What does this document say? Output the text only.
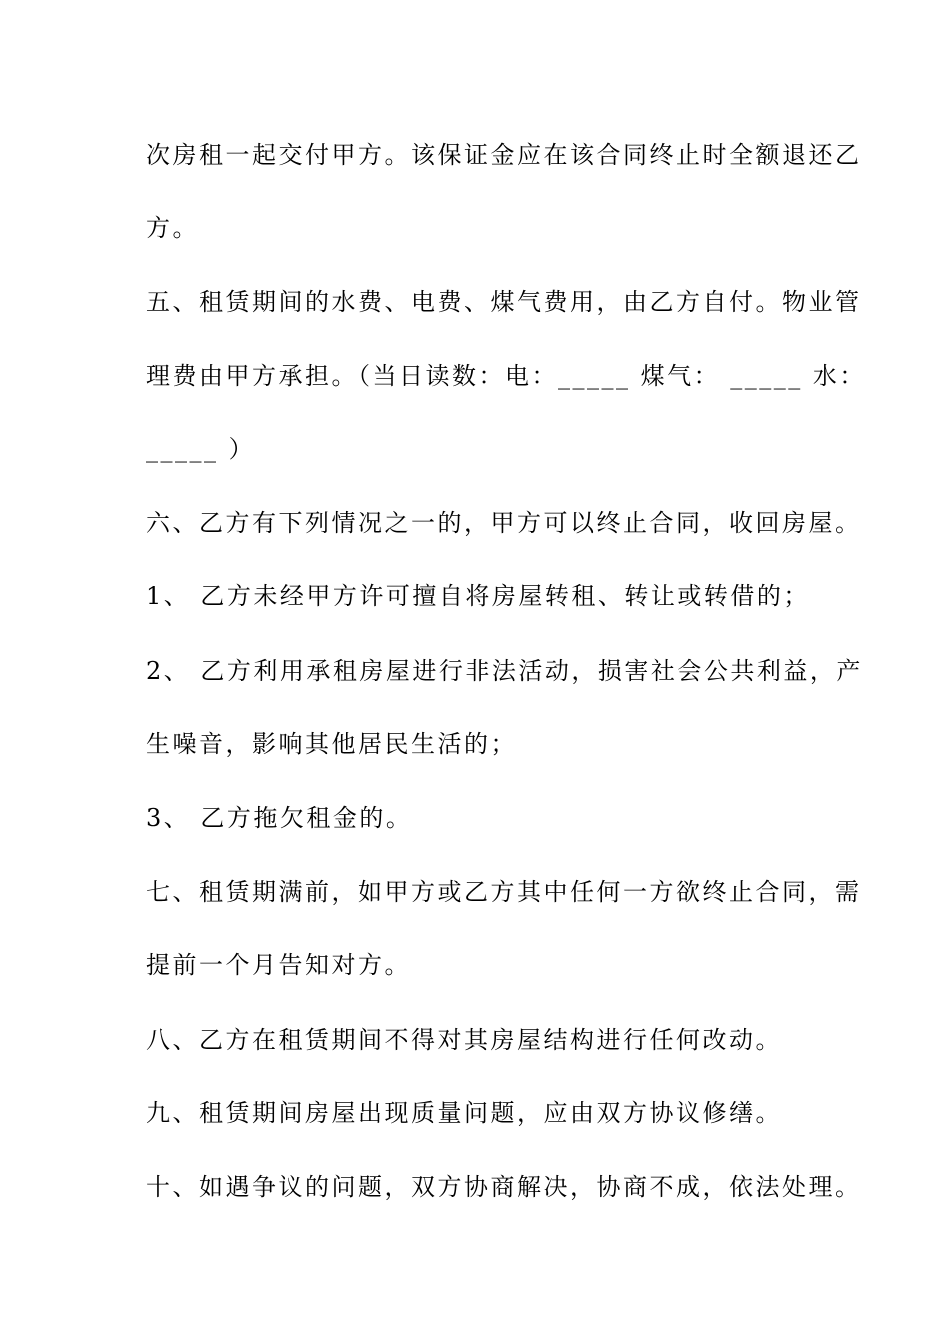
次房租一起交付甲方。该保证金应在该合同终止时全额退还乙
方。
五、租赁期间的水费、电费、煤气费用，由乙方自付。物业管
理费由甲方承担。（当日读数：电：_____ 煤气： _____ 水：
_____ ）
六、乙方有下列情况之一的，甲方可以终止合同，收回房屋。
1、 乙方未经甲方许可擅自将房屋转租、转让或转借的；
2、 乙方利用承租房屋进行非法活动，损害社会公共利益，产
生噪音，影响其他居民生活的；
3、 乙方拖欠租金的。
七、租赁期满前，如甲方或乙方其中任何一方欲终止合同，需
提前一个月告知对方。
八、乙方在租赁期间不得对其房屋结构进行任何改动。
九、租赁期间房屋出现质量问题，应由双方协议修缮。
十、如遇争议的问题，双方协商解决，协商不成，依法处理。
